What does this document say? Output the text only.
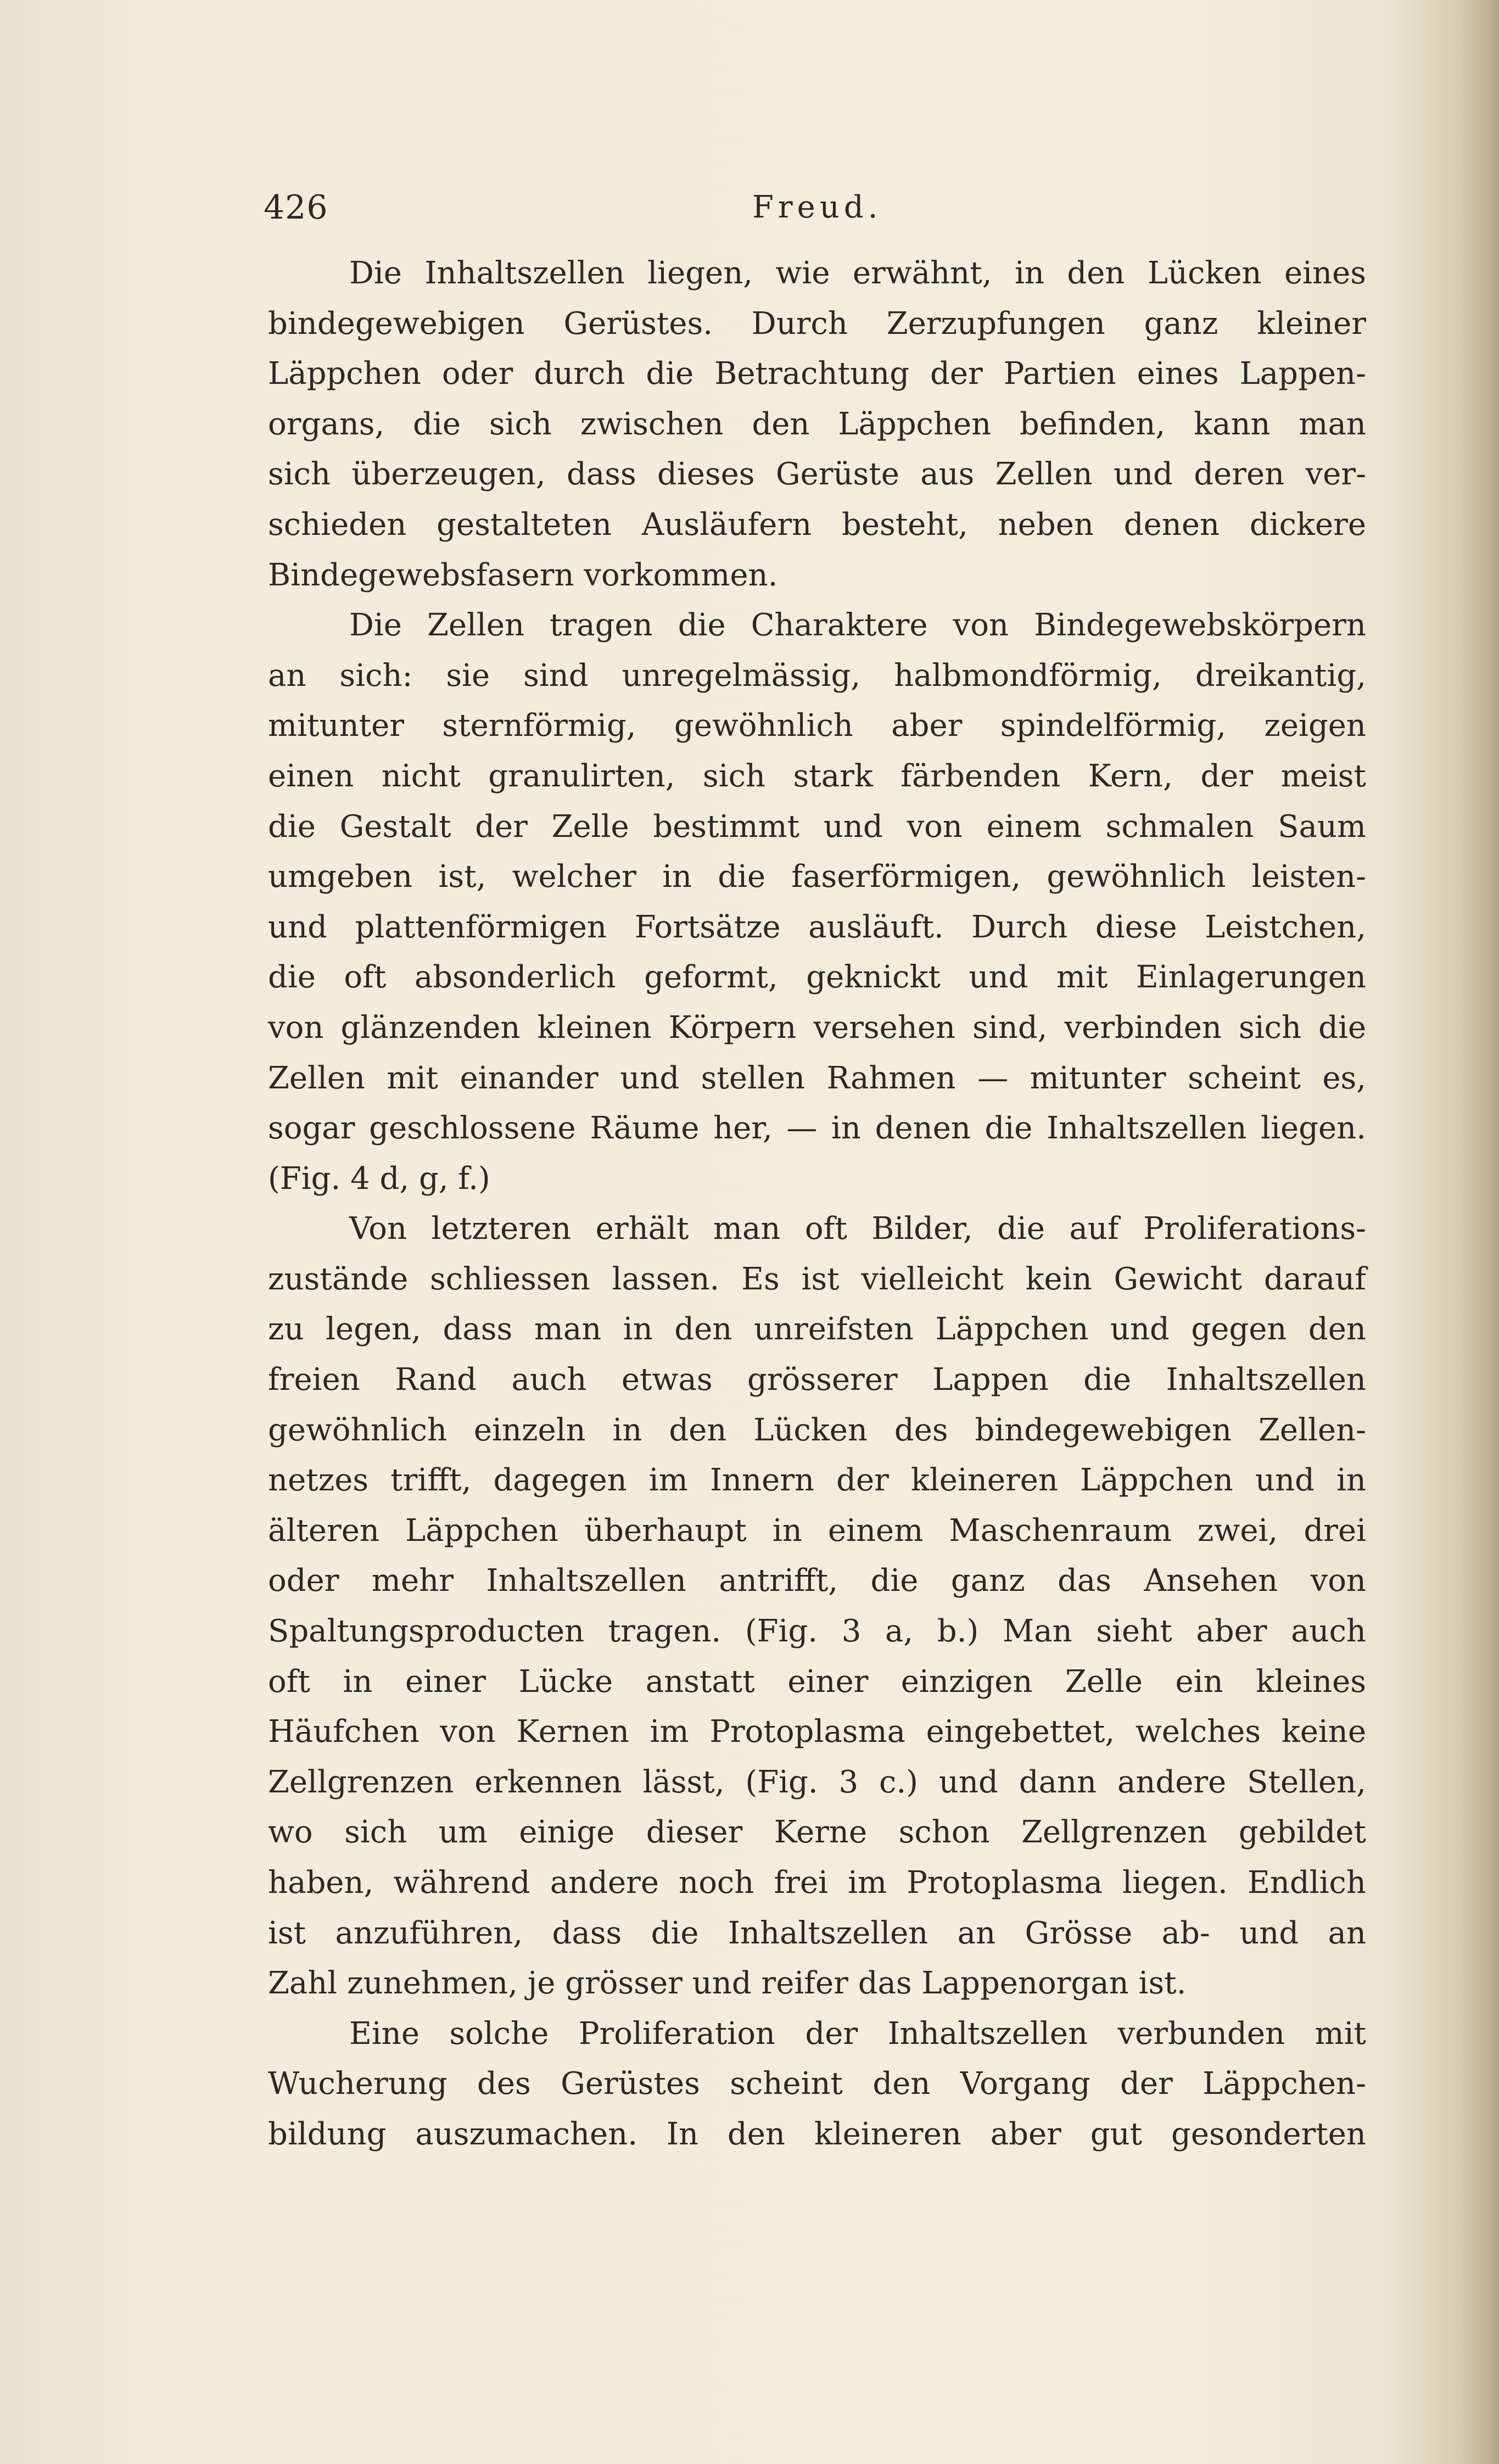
426	Freud.
Die Inhaltszellen liegen, wie erwähnt, in den Lücken eines
bindegewebigen Gerüstes. Durch Zerzupfungen ganz kleiner
Läppchen oder durch die Betrachtung der Partien eines Lappen-
organs, die sich zwischen den Läppchen befinden, kann man
sich überzeugen, dass dieses Gerüste aus Zellen und deren ver-
schieden gestalteten Ausläufern besteht, neben denen dickere
Bindegewebsfasern vorkommen.
Die Zellen tragen die Charaktere von Bindegewebskörpern
an sich: sie sind unregelmässig, halbmondförmig, dreikantig,
mitunter sternförmig, gewöhnlich aber spindelförmig, zeigen
einen nicht granulirten, sich stark färbenden Kern, der meist
die Gestalt der Zelle bestimmt und von einem schmalen Saum
umgeben ist, welcher in die faserförmigen, gewöhnlich leisten-
und plattenförmigen Fortsätze ausläuft. Durch diese Leistchen,
die oft absonderlich geformt, geknickt und mit Einlagerungen
von glänzenden kleinen Körpern versehen sind, verbinden sich die
Zellen mit einander und stellen Rahmen — mitunter scheint es,
sogar geschlossene Räume her, — in denen die Inhaltszellen liegen.
(Fig. 4 d, g, f.)
Von letzteren erhält man oft Bilder, die auf Proliferations-
zustände schliessen lassen. Es ist vielleicht kein Gewicht darauf
zu legen, dass man in den unreifsten Läppchen und gegen den
freien Rand auch etwas grösserer Lappen die Inhaltszellen
gewöhnlich einzeln in den Lücken des bindegewebigen Zellen-
netzes trifft, dagegen im Innern der kleineren Läppchen und in
älteren Läppchen überhaupt in einem Maschenraum zwei, drei
oder mehr Inhaltszellen antrifft, die ganz das Ansehen von
Spaltungsproducten tragen. (Fig. 3 a, b.) Man sieht aber auch
oft in einer Lücke anstatt einer einzigen Zelle ein kleines
Häufchen von Kernen im Protoplasma eingebettet, welches keine
Zellgrenzen erkennen lässt, (Fig. 3 c.) und dann andere Stellen,
wo sich um einige dieser Kerne schon Zellgrenzen gebildet
haben, während andere noch frei im Protoplasma liegen. Endlich
ist anzuführen, dass die Inhaltszellen an Grösse ab- und an
Zahl zunehmen, je grösser und reifer das Lappenorgan ist.
Eine solche Proliferation der Inhaltszellen verbunden mit
Wucherung des Gerüstes scheint den Vorgang der Läppchen-
bildung auszumachen. In den kleineren aber gut gesonderten
